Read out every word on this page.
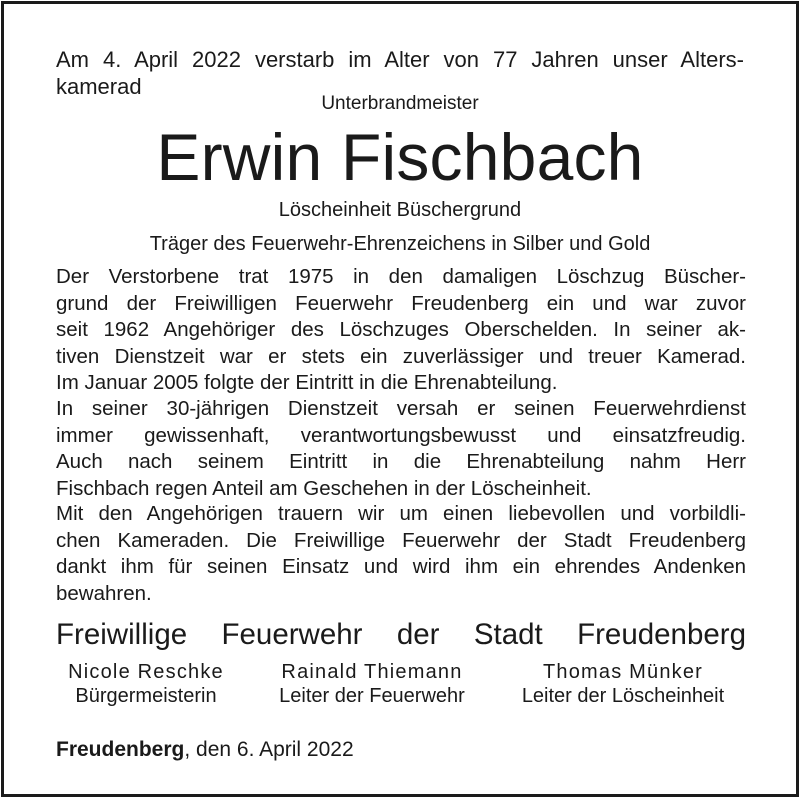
Am 4. April 2022 verstarb im Alter von 77 Jahren unser Alters-
kamerad
Unterbrandmeister
Erwin Fischbach
Löscheinheit Büschergrund
Träger des Feuerwehr-Ehrenzeichens in Silber und Gold
Der Verstorbene trat 1975 in den damaligen Löschzug Büscher-
grund der Freiwilligen Feuerwehr Freudenberg ein und war zuvor
seit 1962 Angehöriger des Löschzuges Oberschelden. In seiner ak-
tiven Dienstzeit war er stets ein zuverlässiger und treuer Kamerad.
Im Januar 2005 folgte der Eintritt in die Ehrenabteilung.
In seiner 30-jährigen Dienstzeit versah er seinen Feuerwehrdienst
immer gewissenhaft, verantwortungsbewusst und einsatzfreudig.
Auch nach seinem Eintritt in die Ehrenabteilung nahm Herr
Fischbach regen Anteil am Geschehen in der Löscheinheit.
Mit den Angehörigen trauern wir um einen liebevollen und vorbildli-
chen Kameraden. Die Freiwillige Feuerwehr der Stadt Freudenberg
dankt ihm für seinen Einsatz und wird ihm ein ehrendes Andenken
bewahren.
Freiwillige Feuerwehr der Stadt Freudenberg
Nicole Reschke
Bürgermeisterin
Rainald Thiemann
Leiter der Feuerwehr
Thomas Münker
Leiter der Löscheinheit
Freudenberg, den 6. April 2022
